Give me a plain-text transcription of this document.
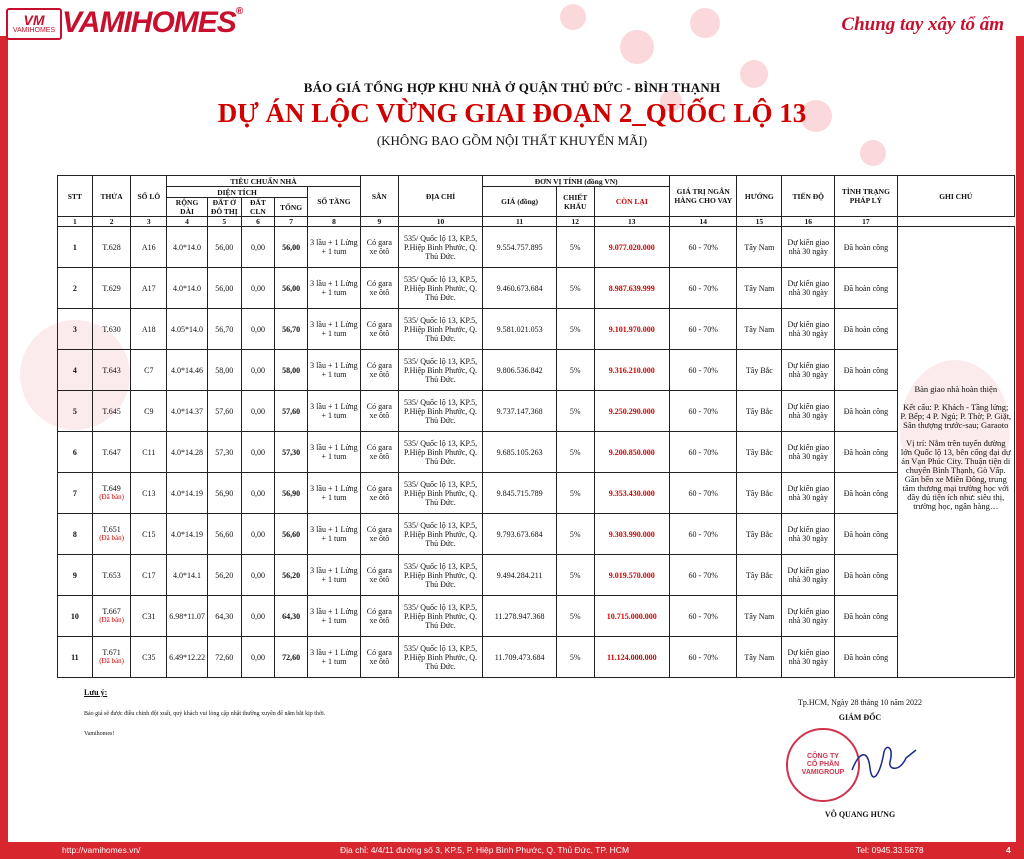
VM
VAMIHOMES VAMIHOMES®
Chung tay xây tổ ấm
BÁO GIÁ TỔNG HỢP KHU NHÀ Ở QUẬN THỦ ĐỨC - BÌNH THẠNH
DỰ ÁN LỘC VỪNG GIAI ĐOẠN 2_QUỐC LỘ 13
(KHÔNG BAO GỒM NỘI THẤT KHUYẾN MÃI)
STT	THỬA	SỐ LÔ	TIÊU CHUẨN NHÀ					SÂN	ĐỊA CHỈ	ĐƠN VỊ TÍNH (đồng VN)			GIÁ TRỊ NGÂN HÀNG CHO VAY	HƯỚNG	TIẾN ĐỘ	TÌNH TRẠNG PHÁP LÝ	GHI CHÚ
			DIỆN TÍCH				SỐ TẦNG			GIÁ (đồng)	CHIẾT KHẤU	CÒN LẠI					
			RỘNG DÀI	ĐẤT Ở ĐÔ THỊ	ĐẤT CLN	TỔNG											
1	2	3	4	5	6	7	8	9	10	11	12	13	14	15	16	17	
1	T.628	A16	4.0*14.0	56,00	0,00	56,00	3 lầu + 1 Lửng + 1 tum	Có gara xe ôtô	535/ Quốc lộ 13, KP.5, P.Hiệp Bình Phước, Q. Thủ Đức.	9.554.757.895	5%	9.077.020.000	60 - 70%	Tây Nam	Dự kiến giao nhà 30 ngày	Đã hoàn công	Bàn giao nhà hoàn thiện

Kết cấu: P. Khách - Tầng lửng; P. Bếp; 4 P. Ngủ; P. Thờ; P. Giặt, Sân thượng trước-sau; Garaoto

Vị trí: Nằm trên tuyến đường lớn Quốc lộ 13, bên cổng đại dự án Vạn Phúc City. Thuận tiện di chuyển Bình Thạnh, Gò Vấp. Gần bến xe Miền Đông, trung tâm thương mại trường học với đầy đủ tiện ích như: siêu thị, trường học, ngân hàng…

2	T.629	A17	4.0*14.0	56,00	0,00	56,00	3 lầu + 1 Lửng + 1 tum	Có gara xe ôtô	535/ Quốc lộ 13, KP.5, P.Hiệp Bình Phước, Q. Thủ Đức.	9.460.673.684	5%	8.987.639.999	60 - 70%	Tây Nam	Dự kiến giao nhà 30 ngày	Đã hoàn công	
3	T.630	A18	4.05*14.0	56,70	0,00	56,70	3 lầu + 1 Lửng + 1 tum	Có gara xe ôtô	535/ Quốc lộ 13, KP.5, P.Hiệp Bình Phước, Q. Thủ Đức.	9.581.021.053	5%	9.101.970.000	60 - 70%	Tây Nam	Dự kiến giao nhà 30 ngày	Đã hoàn công	
4	T.643	C7	4.0*14.46	58,00	0,00	58,00	3 lầu + 1 Lửng + 1 tum	Có gara xe ôtô	535/ Quốc lộ 13, KP.5, P.Hiệp Bình Phước, Q. Thủ Đức.	9.806.536.842	5%	9.316.210.000	60 - 70%	Tây Bắc	Dự kiến giao nhà 30 ngày	Đã hoàn công	
5	T.645	C9	4.0*14.37	57,60	0,00	57,60	3 lầu + 1 Lửng + 1 tum	Có gara xe ôtô	535/ Quốc lộ 13, KP.5, P.Hiệp Bình Phước, Q. Thủ Đức.	9.737.147.368	5%	9.250.290.000	60 - 70%	Tây Bắc	Dự kiến giao nhà 30 ngày	Đã hoàn công	
6	T.647	C11	4.0*14.28	57,30	0,00	57,30	3 lầu + 1 Lửng + 1 tum	Có gara xe ôtô	535/ Quốc lộ 13, KP.5, P.Hiệp Bình Phước, Q. Thủ Đức.	9.685.105.263	5%	9.200.850.000	60 - 70%	Tây Bắc	Dự kiến giao nhà 30 ngày	Đã hoàn công	
7	T.649
(Đã bán)	C13	4.0*14.19	56,90	0,00	56,90	3 lầu + 1 Lửng + 1 tum	Có gara xe ôtô	535/ Quốc lộ 13, KP.5, P.Hiệp Bình Phước, Q. Thủ Đức.	9.845.715.789	5%	9.353.430.000	60 - 70%	Tây Bắc	Dự kiến giao nhà 30 ngày	Đã hoàn công	
8	T.651
(Đã bán)	C15	4.0*14.19	56,60	0,00	56,60	3 lầu + 1 Lửng + 1 tum	Có gara xe ôtô	535/ Quốc lộ 13, KP.5, P.Hiệp Bình Phước, Q. Thủ Đức.	9.793.673.684	5%	9.303.990.000	60 - 70%	Tây Bắc	Dự kiến giao nhà 30 ngày	Đã hoàn công	
9	T.653	C17	4.0*14.1	56,20	0,00	56,20	3 lầu + 1 Lửng + 1 tum	Có gara xe ôtô	535/ Quốc lộ 13, KP.5, P.Hiệp Bình Phước, Q. Thủ Đức.	9.494.284.211	5%	9.019.570.000	60 - 70%	Tây Bắc	Dự kiến giao nhà 30 ngày	Đã hoàn công	
10	T.667
(Đã bán)	C31	6.98*11.07	64,30	0,00	64,30	3 lầu + 1 Lửng + 1 tum	Có gara xe ôtô	535/ Quốc lộ 13, KP.5, P.Hiệp Bình Phước, Q. Thủ Đức.	11.278.947.368	5%	10.715.000.000	60 - 70%	Tây Nam	Dự kiến giao nhà 30 ngày	Đã hoàn công	
11	T.671
(Đã bán)	C35	6.49*12.22	72,60	0,00	72,60	3 lầu + 1 Lửng + 1 tum	Có gara xe ôtô	535/ Quốc lộ 13, KP.5, P.Hiệp Bình Phước, Q. Thủ Đức.	11.709.473.684	5%	11.124.000.000	60 - 70%	Tây Nam	Dự kiến giao nhà 30 ngày	Đã hoàn công	
Lưu ý:
Bảo giá sẽ được điều chỉnh đột xuất, quý khách vui lòng cập nhật thường xuyên để nắm bắt kịp thời.
Vamihomes!
Tp.HCM, Ngày 28 tháng 10 năm 2022
GIÁM ĐỐC
VÕ QUANG HƯNG
CÔNG TY
CỔ PHẦN
VAMIGROUP
http://vamihomes.vn/	Địa chỉ: 4/4/11 đường số 3, KP.5, P. Hiệp Bình Phước, Q. Thủ Đức, TP. HCM	Tel: 0945.33.5678	4
